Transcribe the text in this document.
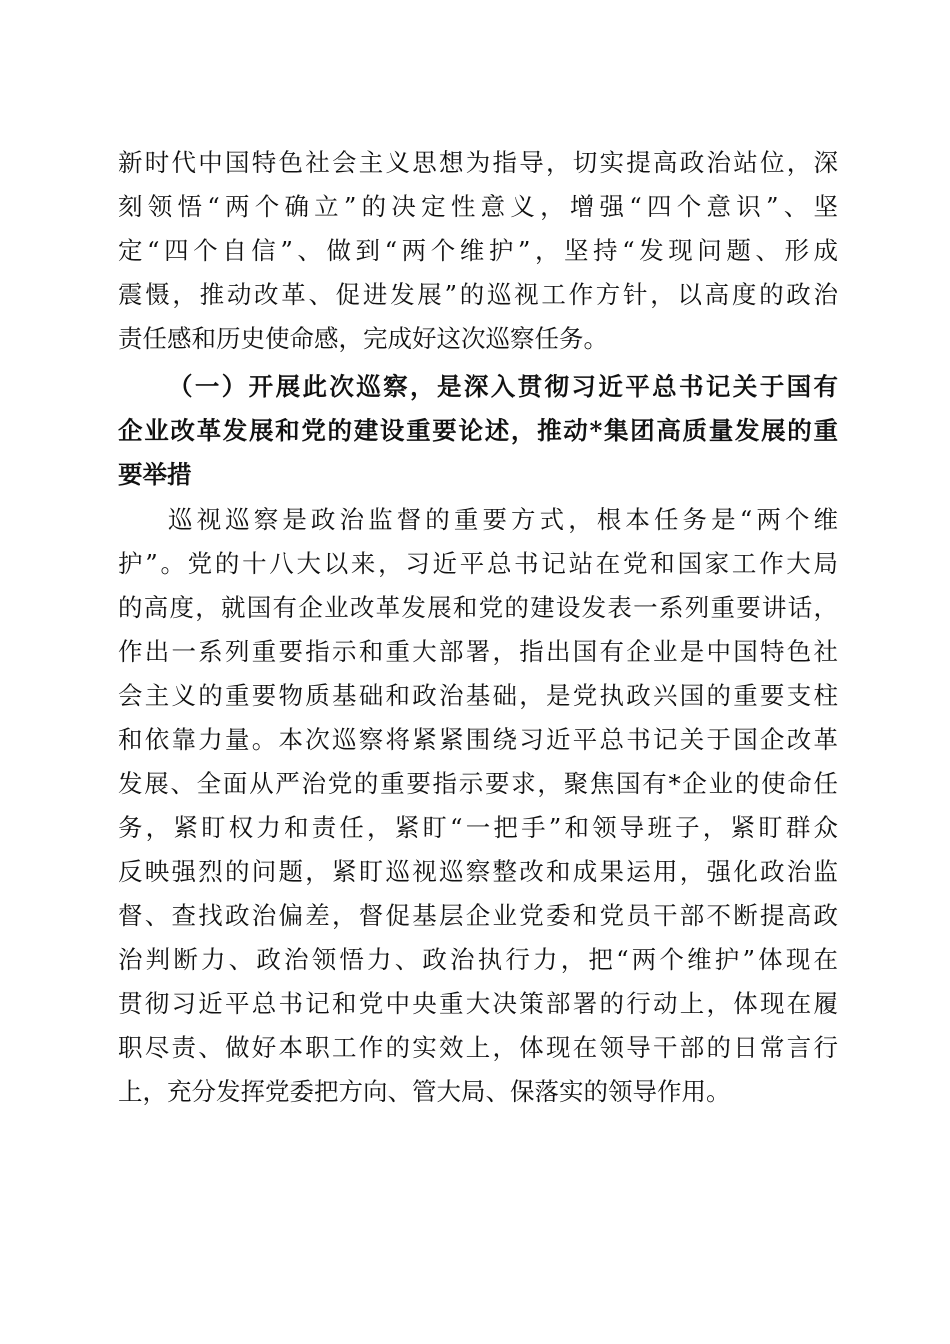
新时代中国特色社会主义思想为指导，切实提高政治站位，深
刻领悟“两个确立”的决定性意义，增强“四个意识”、坚
定“四个自信”、做到“两个维护”，坚持“发现问题、形成
震慑，推动改革、促进发展”的巡视工作方针，以高度的政治
责任感和历史使命感，完成好这次巡察任务。
（一）开展此次巡察，是深入贯彻习近平总书记关于国有
企业改革发展和党的建设重要论述，推动*集团高质量发展的重
要举措
巡视巡察是政治监督的重要方式，根本任务是“两个维
护”。党的十八大以来，习近平总书记站在党和国家工作大局
的高度，就国有企业改革发展和党的建设发表一系列重要讲话，
作出一系列重要指示和重大部署，指出国有企业是中国特色社
会主义的重要物质基础和政治基础，是党执政兴国的重要支柱
和依靠力量。本次巡察将紧紧围绕习近平总书记关于国企改革
发展、全面从严治党的重要指示要求，聚焦国有*企业的使命任
务，紧盯权力和责任，紧盯“一把手”和领导班子，紧盯群众
反映强烈的问题，紧盯巡视巡察整改和成果运用，强化政治监
督、查找政治偏差，督促基层企业党委和党员干部不断提高政
治判断力、政治领悟力、政治执行力，把“两个维护”体现在
贯彻习近平总书记和党中央重大决策部署的行动上，体现在履
职尽责、做好本职工作的实效上，体现在领导干部的日常言行
上，充分发挥党委把方向、管大局、保落实的领导作用。
